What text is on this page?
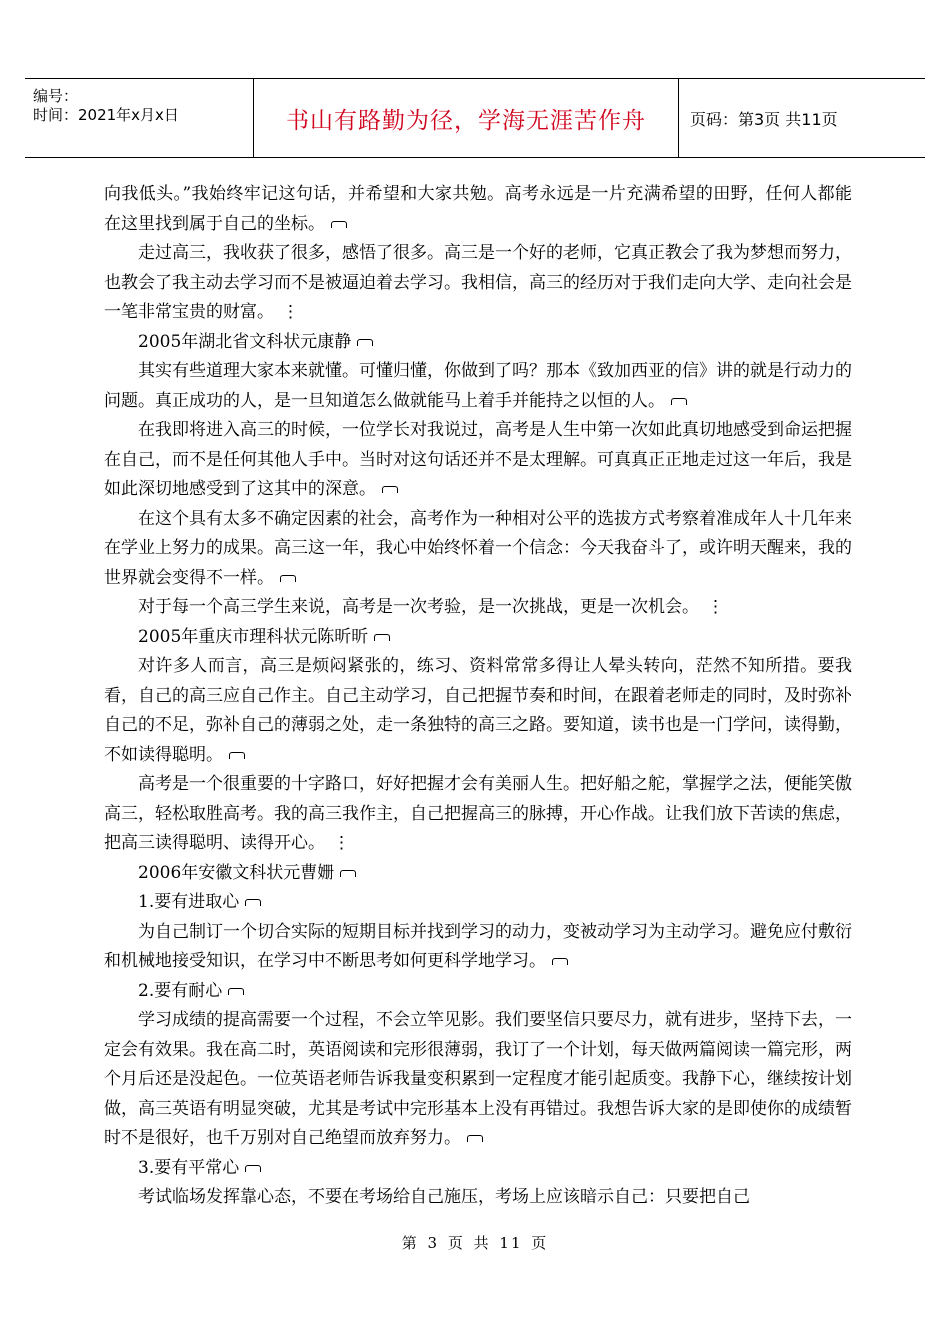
编号：
时间：2021年x月x日	书山有路勤为径，学海无涯苦作舟	页码：第3页 共11页

向我低头。”我始终牢记这句话，并希望和大家共勉。高考永远是一片充满希望的田野，任何人都能在这里找到属于自己的坐标。

走过高三，我收获了很多，感悟了很多。高三是一个好的老师，它真正教会了我为梦想而努力，也教会了我主动去学习而不是被逼迫着去学习。我相信，高三的经历对于我们走向大学、走向社会是一笔非常宝贵的财富。 ⋮

2005年湖北省文科状元康静

其实有些道理大家本来就懂。可懂归懂，你做到了吗？那本《致加西亚的信》讲的就是行动力的问题。真正成功的人，是一旦知道怎么做就能马上着手并能持之以恒的人。

在我即将进入高三的时候，一位学长对我说过，高考是人生中第一次如此真切地感受到命运把握在自己，而不是任何其他人手中。当时对这句话还并不是太理解。可真真正正地走过这一年后，我是如此深切地感受到了这其中的深意。

在这个具有太多不确定因素的社会，高考作为一种相对公平的选拔方式考察着准成年人十几年来在学业上努力的成果。高三这一年，我心中始终怀着一个信念：今天我奋斗了，或许明天醒来，我的世界就会变得不一样。

对于每一个高三学生来说，高考是一次考验，是一次挑战，更是一次机会。 ⋮

2005年重庆市理科状元陈昕昕

对许多人而言，高三是烦闷紧张的，练习、资料常常多得让人晕头转向，茫然不知所措。要我看，自己的高三应自己作主。自己主动学习，自己把握节奏和时间，在跟着老师走的同时，及时弥补自己的不足，弥补自己的薄弱之处，走一条独特的高三之路。要知道，读书也是一门学问，读得勤，不如读得聪明。

高考是一个很重要的十字路口，好好把握才会有美丽人生。把好船之舵，掌握学之法，便能笑傲高三，轻松取胜高考。我的高三我作主，自己把握高三的脉搏，开心作战。让我们放下苦读的焦虑，把高三读得聪明、读得开心。 ⋮

2006年安徽文科状元曹姗

1.要有进取心

为自己制订一个切合实际的短期目标并找到学习的动力，变被动学习为主动学习。避免应付敷衍和机械地接受知识，在学习中不断思考如何更科学地学习。

2.要有耐心

学习成绩的提高需要一个过程，不会立竿见影。我们要坚信只要尽力，就有进步，坚持下去，一定会有效果。我在高二时，英语阅读和完形很薄弱，我订了一个计划，每天做两篇阅读一篇完形，两个月后还是没起色。一位英语老师告诉我量变积累到一定程度才能引起质变。我静下心，继续按计划做，高三英语有明显突破，尤其是考试中完形基本上没有再错过。我想告诉大家的是即使你的成绩暂时不是很好，也千万别对自己绝望而放弃努力。

3.要有平常心

考试临场发挥靠心态，不要在考场给自己施压，考场上应该暗示自己：只要把自己

第 3 页 共 11 页
